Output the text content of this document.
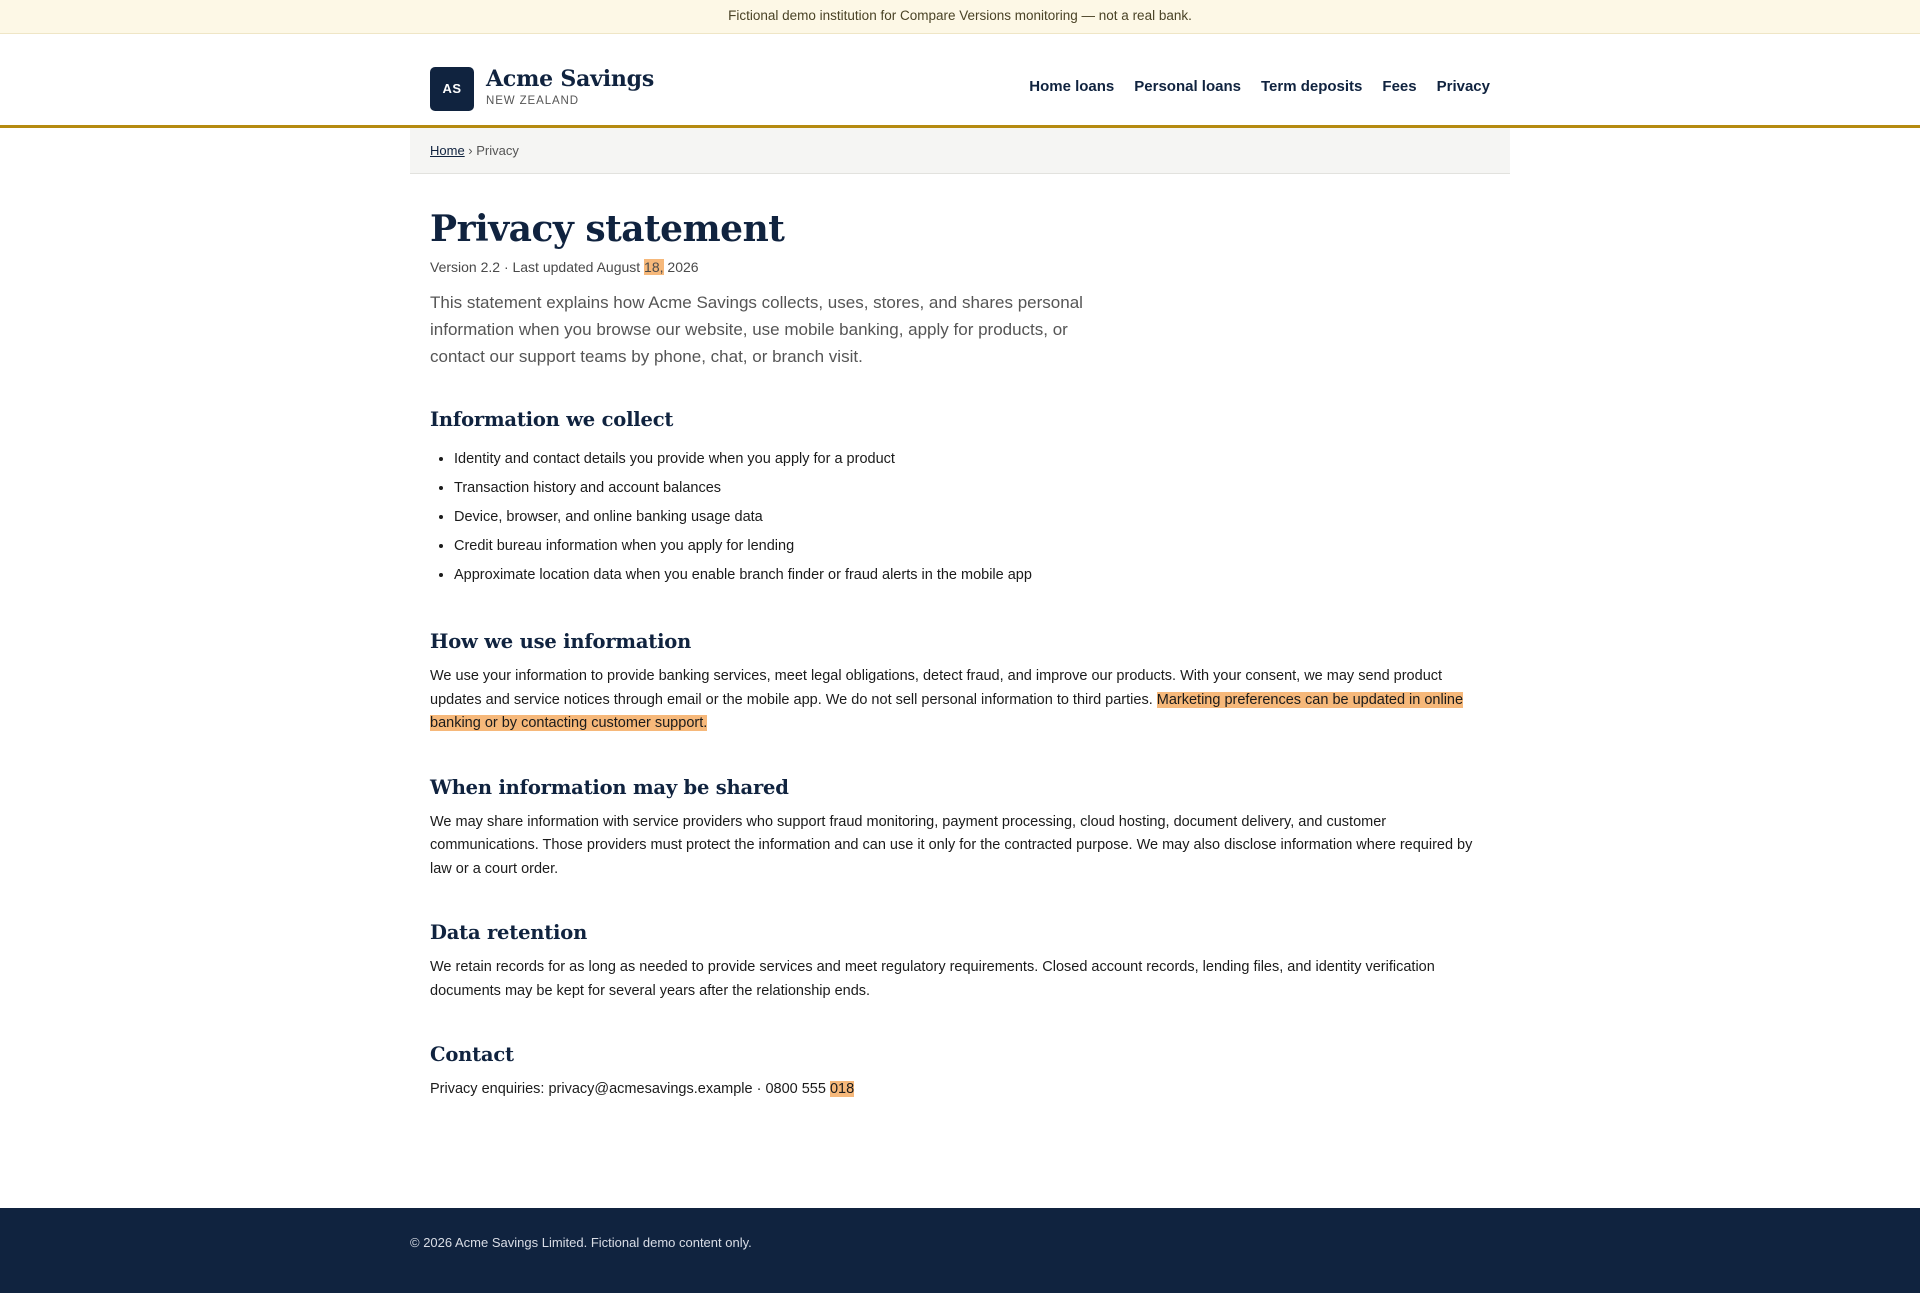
Fictional demo institution for Compare Versions monitoring — not a real bank.
AS	Acme Savings
NEW ZEALAND
Home loans Personal loans Term deposits Fees Privacy
Home › Privacy
Privacy statement
Version 2.2 · Last updated August 18, 2026
This statement explains how Acme Savings collects, uses, stores, and shares personal information when you browse our website, use mobile banking, apply for products, or contact our support teams by phone, chat, or branch visit.
Information we collect
• Identity and contact details you provide when you apply for a product
• Transaction history and account balances
• Device, browser, and online banking usage data
• Credit bureau information when you apply for lending
• Approximate location data when you enable branch finder or fraud alerts in the mobile app
How we use information

We use your information to provide banking services, meet legal obligations, detect fraud, and improve our products. With your consent, we may send product updates and service notices through email or the mobile app. We do not sell personal information to third parties. Marketing preferences can be updated in online banking or by contacting customer support.

When information may be shared

We may share information with service providers who support fraud monitoring, payment processing, cloud hosting, document delivery, and customer communications. Those providers must protect the information and can use it only for the contracted purpose. We may also disclose information where required by law or a court order.

Data retention

We retain records for as long as needed to provide services and meet regulatory requirements. Closed account records, lending files, and identity verification documents may be kept for several years after the relationship ends.

Contact

Privacy enquiries: privacy@acmesavings.example · 0800 555 018

© 2026 Acme Savings Limited. Fictional demo content only.
